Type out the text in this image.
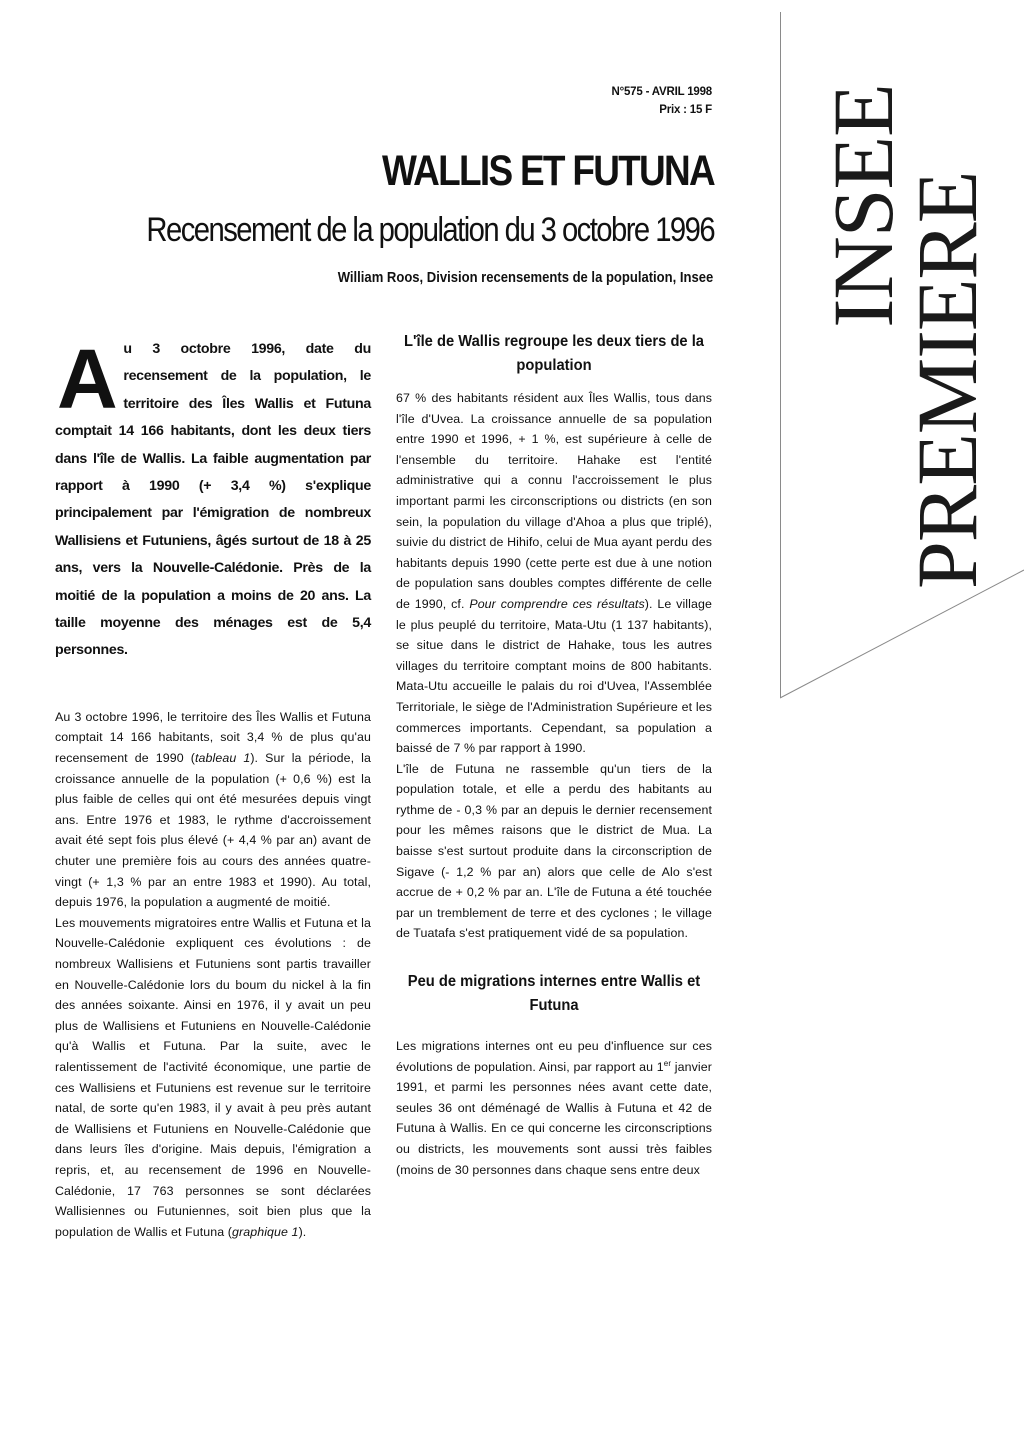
N°575 - AVRIL 1998
Prix : 15 F
WALLIS ET FUTUNA
Recensement de la population du 3 octobre 1996
William Roos, Division recensements de la population, Insee INSEE
PREMIERE

Au 3 octobre 1996, date du recensement de la population, le territoire des Îles Wallis et Futuna comptait 14 166 habitants, dont les deux tiers dans l'île de Wallis. La faible augmentation par rapport à 1990 (+ 3,4 %) s'explique principalement par l'émigration de nombreux Wallisiens et Futuniens, âgés surtout de 18 à 25 ans, vers la Nouvelle-Calédonie. Près de la moitié de la population a moins de 20 ans. La taille moyenne des ménages est de 5,4 personnes.

Au 3 octobre 1996, le territoire des Îles Wallis et Futuna comptait 14 166 habitants, soit 3,4 % de plus qu'au recensement de 1990 (tableau 1). Sur la période, la croissance annuelle de la population (+ 0,6 %) est la plus faible de celles qui ont été mesurées depuis vingt ans. Entre 1976 et 1983, le rythme d'accroissement avait été sept fois plus élevé (+ 4,4 % par an) avant de chuter une première fois au cours des années quatre-vingt (+ 1,3 % par an entre 1983 et 1990). Au total, depuis 1976, la population a augmenté de moitié.

Les mouvements migratoires entre Wallis et Futuna et la Nouvelle-Calédonie expliquent ces évolutions : de nombreux Wallisiens et Futuniens sont partis travailler en Nouvelle-Calédonie lors du boum du nickel à la fin des années soixante. Ainsi en 1976, il y avait un peu plus de Wallisiens et Futuniens en Nouvelle-Calédonie qu'à Wallis et Futuna. Par la suite, avec le ralentissement de l'activité économique, une partie de ces Wallisiens et Futuniens est revenue sur le territoire natal, de sorte qu'en 1983, il y avait à peu près autant de Wallisiens et Futuniens en Nouvelle-Calédonie que dans leurs îles d'origine. Mais depuis, l'émigration a repris, et, au recensement de 1996 en Nouvelle-Calédonie, 17 763 personnes se sont déclarées Wallisiennes ou Futuniennes, soit bien plus que la population de Wallis et Futuna (graphique 1).

L'île de Wallis regroupe les deux tiers de la population

67 % des habitants résident aux Îles Wallis, tous dans l'île d'Uvea. La croissance annuelle de sa population entre 1990 et 1996, + 1 %, est supérieure à celle de l'ensemble du territoire. Hahake est l'entité administrative qui a connu l'accroissement le plus important parmi les circonscriptions ou districts (en son sein, la population du village d'Ahoa a plus que triplé), suivie du district de Hihifo, celui de Mua ayant perdu des habitants depuis 1990 (cette perte est due à une notion de population sans doubles comptes différente de celle de 1990, cf. Pour comprendre ces résultats). Le village le plus peuplé du territoire, Mata-Utu (1 137 habitants), se situe dans le district de Hahake, tous les autres villages du territoire comptant moins de 800 habitants. Mata-Utu accueille le palais du roi d'Uvea, l'Assemblée Territoriale, le siège de l'Administration Supérieure et les commerces importants. Cependant, sa population a baissé de 7 % par rapport à 1990.

L'île de Futuna ne rassemble qu'un tiers de la population totale, et elle a perdu des habitants au rythme de - 0,3 % par an depuis le dernier recensement pour les mêmes raisons que le district de Mua. La baisse s'est surtout produite dans la circonscription de Sigave (- 1,2 % par an) alors que celle de Alo s'est accrue de + 0,2 % par an. L'île de Futuna a été touchée par un tremblement de terre et des cyclones ; le village de Tuatafa s'est pratiquement vidé de sa population.

Peu de migrations internes entre Wallis et Futuna

Les migrations internes ont eu peu d'influence sur ces évolutions de population. Ainsi, par rapport au 1er janvier 1991, et parmi les personnes nées avant cette date, seules 36 ont déménagé de Wallis à Futuna et 42 de Futuna à Wallis. En ce qui concerne les circonscriptions ou districts, les mouvements sont aussi très faibles (moins de 30 personnes dans chaque sens entre deux
